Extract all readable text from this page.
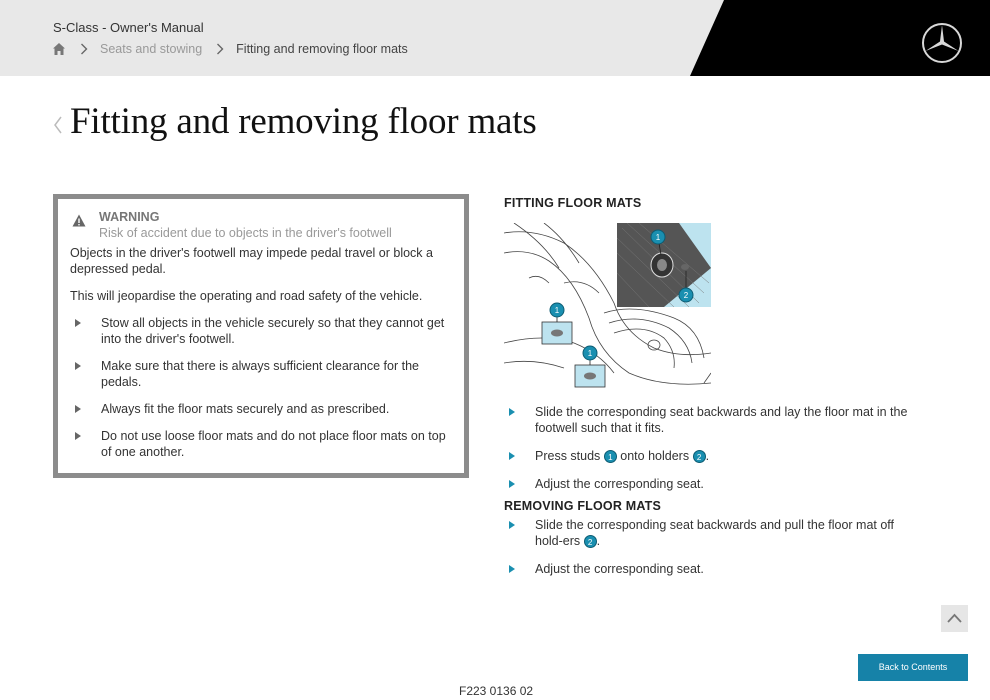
S-Class - Owner's Manual
Seats and stowing	Fitting and removing floor mats
Fitting and removing floor mats
WARNING
Risk of accident due to objects in the driver's footwell

Objects in the driver's footwell may impede pedal travel or block a depressed pedal.

This will jeopardise the operating and road safety of the vehicle.

Stow all objects in the vehicle securely so that they cannot get into the driver's footwell.
Make sure that there is always sufficient clearance for the pedals.
Always fit the floor mats securely and as prescribed.
Do not use loose floor mats and do not place floor mats on top of one another.
FITTING FLOOR MATS
1
2
1
1
Slide the corresponding seat backwards and lay the floor mat in the footwell such that it fits.
Press studs 1 onto holders 2 .
Adjust the corresponding seat.
REMOVING FLOOR MATS
Slide the corresponding seat backwards and pull the floor mat off hold-ers 2 .
Adjust the corresponding seat.
Back to Contents
F223 0136 02
